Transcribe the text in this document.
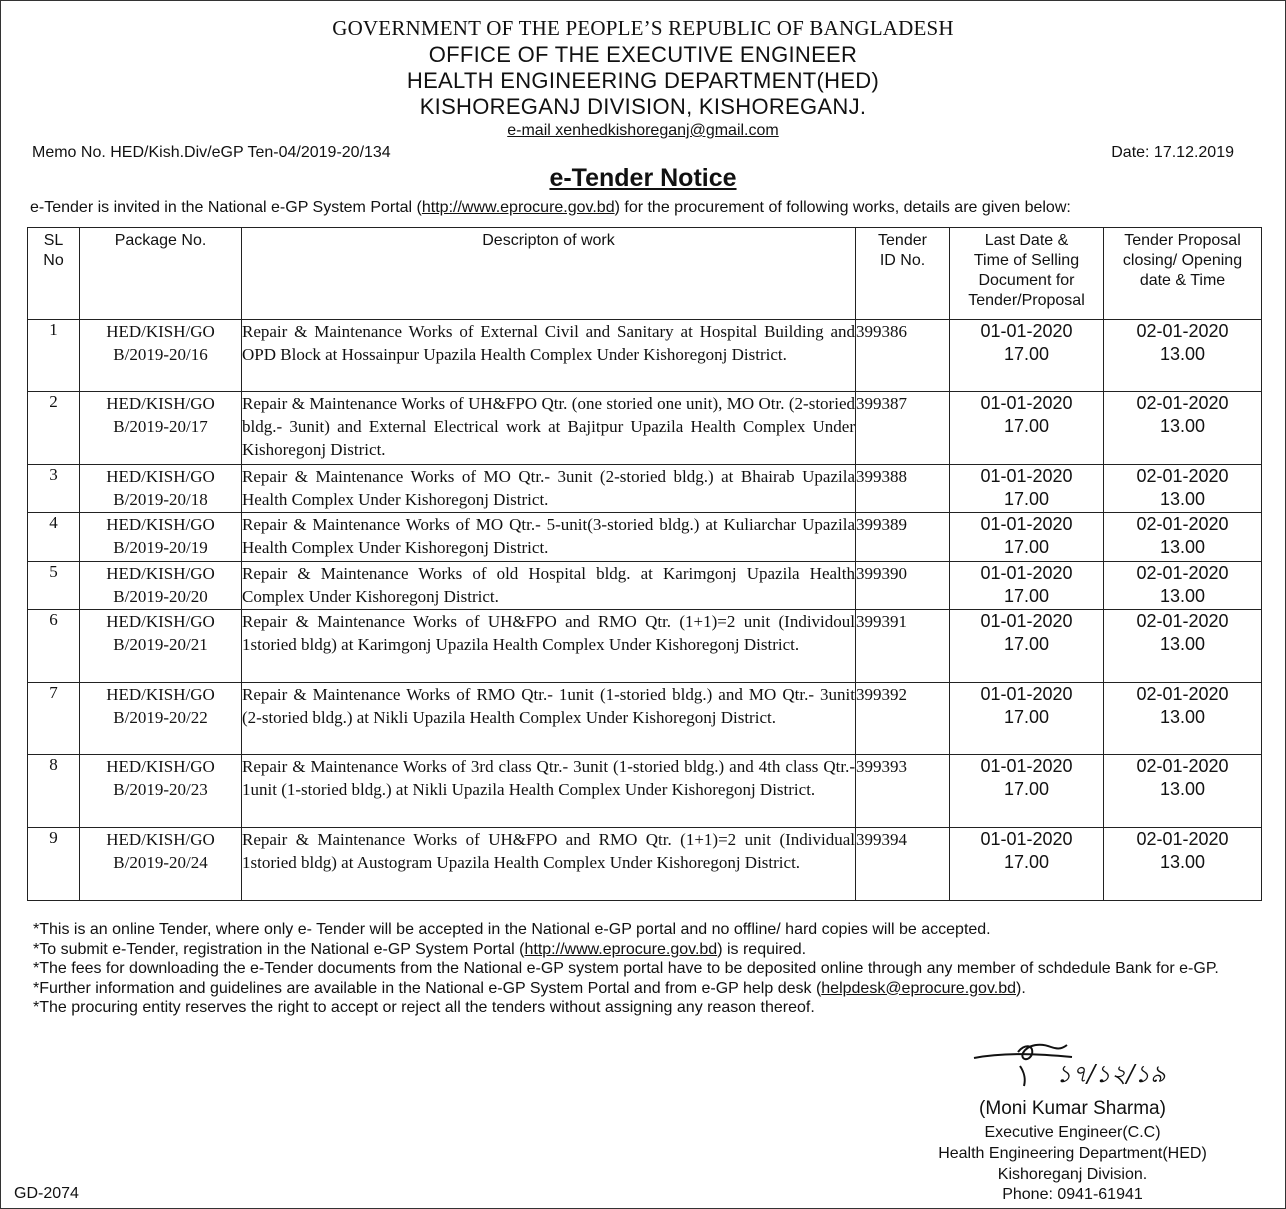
GOVERNMENT OF THE PEOPLE’S REPUBLIC OF BANGLADESH
OFFICE OF THE EXECUTIVE ENGINEER
HEALTH ENGINEERING DEPARTMENT(HED)
KISHOREGANJ DIVISION, KISHOREGANJ.
e-mail xenhedkishoreganj@gmail.com
Memo No. HED/Kish.Div/eGP Ten-04/2019-20/134	Date: 17.12.2019
e-Tender Notice
e-Tender is invited in the National e-GP System Portal (http://www.eprocure.gov.bd) for the procurement of following works, details are given below:
SL
No	Package No.	Descripton of work	Tender
ID No.	Last Date &
Time of Selling
Document for
Tender/Proposal	Tender Proposal
closing/ Opening
date & Time
1	HED/KISH/GO
B/2019-20/16	Repair & Maintenance Works of External Civil and Sanitary at Hospital Building and OPD Block at Hossainpur Upazila Health Complex Under Kishoregonj District.	399386	01-01-2020
17.00	02-01-2020
13.00
2	HED/KISH/GO
B/2019-20/17	Repair & Maintenance Works of UH&FPO Qtr. (one storied one unit), MO Otr. (2-storied bldg.- 3unit) and External Electrical work at Bajitpur Upazila Health Complex Under Kishoregonj District.	399387	01-01-2020
17.00	02-01-2020
13.00
3	HED/KISH/GO
B/2019-20/18	Repair & Maintenance Works of MO Qtr.- 3unit (2-storied bldg.) at Bhairab Upazila Health Complex Under Kishoregonj District.	399388	01-01-2020
17.00	02-01-2020
13.00
4	HED/KISH/GO
B/2019-20/19	Repair & Maintenance Works of MO Qtr.- 5-unit(3-storied bldg.) at Kuliarchar Upazila Health Complex Under Kishoregonj District.	399389	01-01-2020
17.00	02-01-2020
13.00
5	HED/KISH/GO
B/2019-20/20	Repair & Maintenance Works of old Hospital bldg. at Karimgonj Upazila Health Complex Under Kishoregonj District.	399390	01-01-2020
17.00	02-01-2020
13.00
6	HED/KISH/GO
B/2019-20/21	Repair & Maintenance Works of UH&FPO and RMO Qtr. (1+1)=2 unit (Individoul 1storied bldg) at Karimgonj Upazila Health Complex Under Kishoregonj District.	399391	01-01-2020
17.00	02-01-2020
13.00
7	HED/KISH/GO
B/2019-20/22	Repair & Maintenance Works of RMO Qtr.- 1unit (1-storied bldg.) and MO Qtr.- 3unit (2-storied bldg.) at Nikli Upazila Health Complex Under Kishoregonj District.	399392	01-01-2020
17.00	02-01-2020
13.00
8	HED/KISH/GO
B/2019-20/23	Repair & Maintenance Works of 3rd class Qtr.- 3unit (1-storied bldg.) and 4th class Qtr.- 1unit (1-storied bldg.) at Nikli Upazila Health Complex Under Kishoregonj District.	399393	01-01-2020
17.00	02-01-2020
13.00
9	HED/KISH/GO
B/2019-20/24	Repair & Maintenance Works of UH&FPO and RMO Qtr. (1+1)=2 unit (Individual 1storied bldg) at Austogram Upazila Health Complex Under Kishoregonj District.	399394	01-01-2020
17.00	02-01-2020
13.00
*This is an online Tender, where only e- Tender will be accepted in the National e-GP portal and no offline/ hard copies will be accepted.
*To submit e-Tender, registration in the National e-GP System Portal (http://www.eprocure.gov.bd) is required.
*The fees for downloading the e-Tender documents from the National e-GP system portal have to be deposited online through any member of schdedule Bank for e-GP.
*Further information and guidelines are available in the National e-GP System Portal and from e-GP help desk (helpdesk@eprocure.gov.bd).
*The procuring entity reserves the right to accept or reject all the tenders without assigning any reason thereof.
১৭/১২/১৯
(Moni Kumar Sharma)
Executive Engineer(C.C)
Health Engineering Department(HED)
Kishoreganj Division.
Phone: 0941-61941
GD-2074
